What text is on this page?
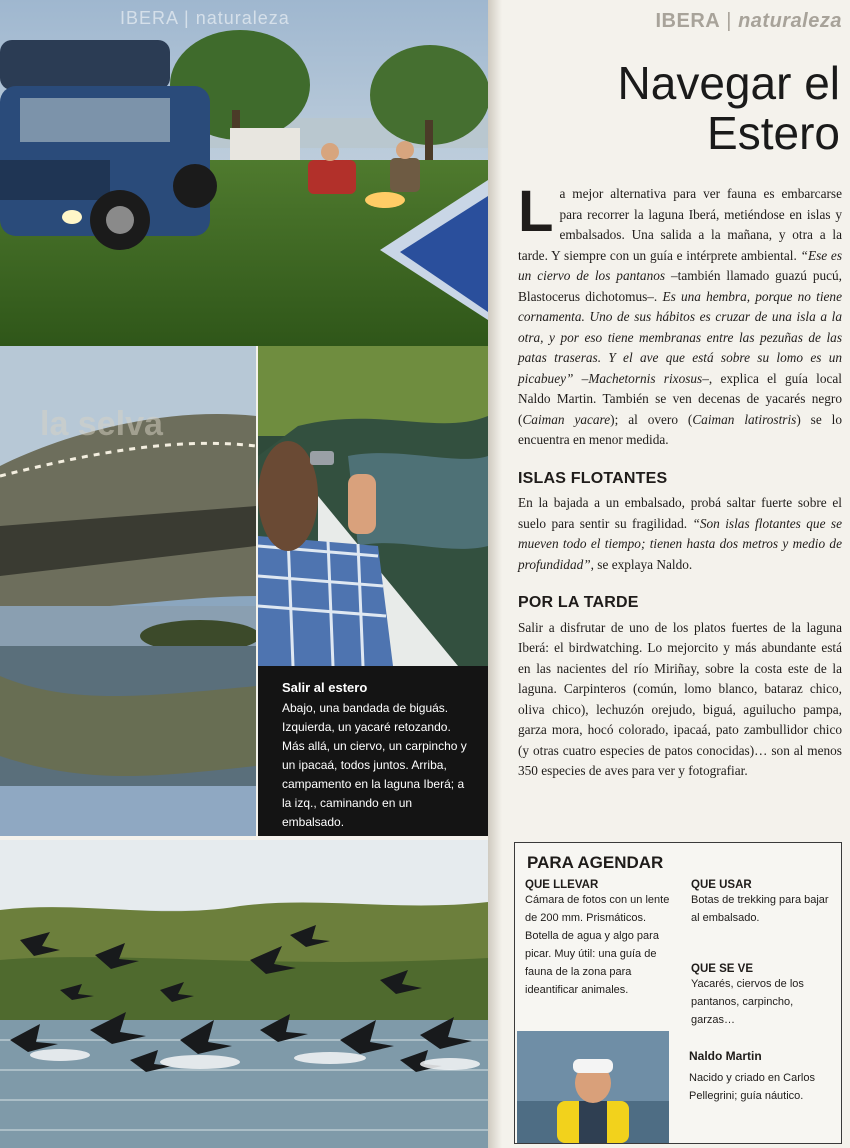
IBERA | naturaleza
la selva
Salir al estero
Abajo, una bandada de biguás. Izquierda, un yacaré retozando. Más allá, un ciervo, un carpincho y un ipacaá, todos juntos. Arriba, campamento en la laguna Iberá; a la izq., caminando en un embalsado.
IBERA | naturaleza
Navegar el Estero

La mejor alternativa para ver fauna es embarcarse para recorrer la laguna Iberá, metiéndose en islas y embalsados. Una salida a la mañana, y otra a la tarde. Y siempre con un guía e intérprete ambiental. “Ese es un ciervo de los pantanos –también llamado guazú pucú, Blastocerus dichotomus–. Es una hembra, porque no tiene cornamenta. Uno de sus hábitos es cruzar de una isla a la otra, y por eso tiene membranas entre las pezuñas de las patas traseras. Y el ave que está sobre su lomo es un picabuey” –Machetornis rixosus–, explica el guía local Naldo Martin. También se ven decenas de yacarés negro (Caiman yacare); al overo (Caiman latirostris) se lo encuentra en menor medida.

ISLAS FLOTANTES

En la bajada a un embalsado, probá saltar fuerte sobre el suelo para sentir su fragilidad. “Son islas flotantes que se mueven todo el tiempo; tienen hasta dos metros y medio de profundidad”, se explaya Naldo.

POR LA TARDE

Salir a disfrutar de uno de los platos fuertes de la laguna Iberá: el birdwatching. Lo mejorcito y más abundante está en las nacientes del río Miriñay, sobre la costa este de la laguna. Carpinteros (común, lomo blanco, bataraz chico, oliva chico), lechuzón orejudo, biguá, aguilucho pampa, garza mora, hocó colorado, ipacaá, pato zambullidor chico (y otras cuatro especies de patos conocidas)… son al menos 350 especies de aves para ver y fotografiar.

PARA AGENDAR
QUE LLEVAR
Cámara de fotos con un lente de 200 mm. Prismáticos. Botella de agua y algo para picar. Muy útil: una guía de fauna de la zona para ideantificar animales.
QUE USAR
Botas de trekking para bajar al embalsado.
QUE SE VE
Yacarés, ciervos de los pantanos, carpincho, garzas…
Naldo Martin
Nacido y criado en Carlos Pellegrini; guía náutico.
